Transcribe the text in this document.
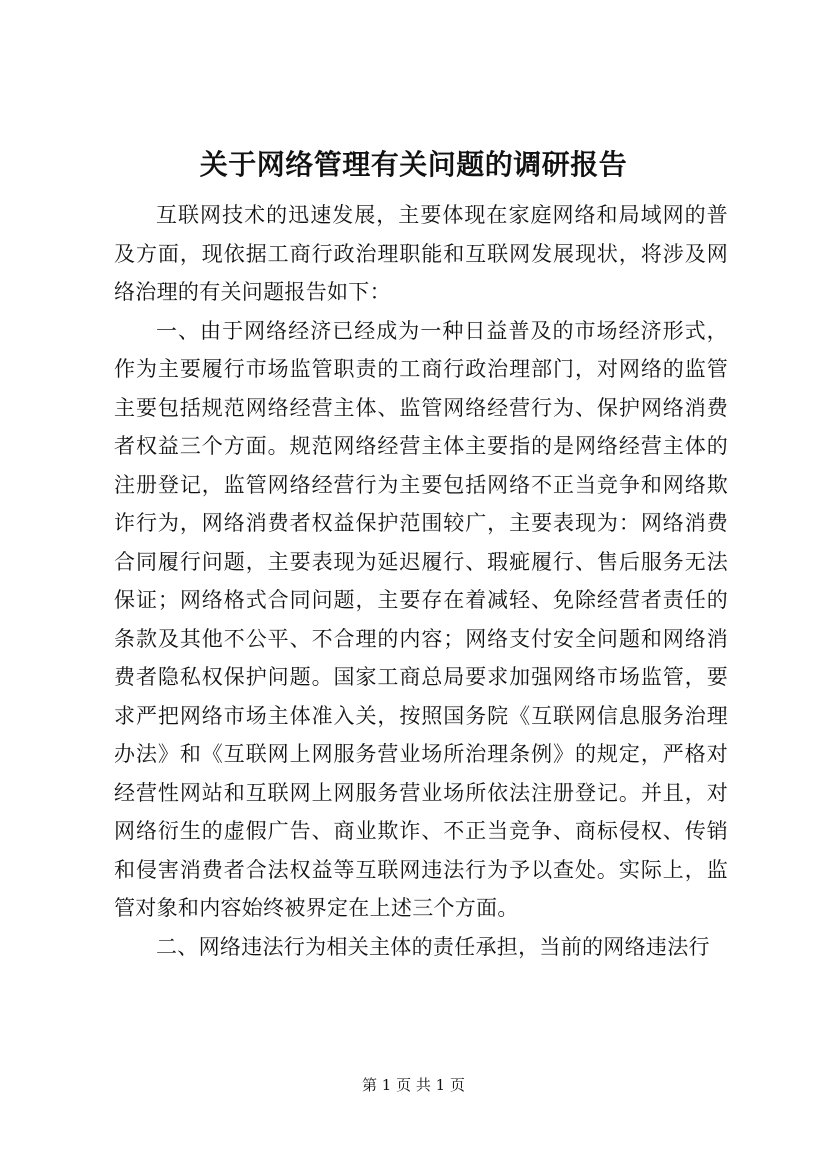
关于网络管理有关问题的调研报告

互联网技术的迅速发展，主要体现在家庭网络和局域网的普及方面，现依据工商行政治理职能和互联网发展现状，将涉及网络治理的有关问题报告如下：

一、由于网络经济已经成为一种日益普及的市场经济形式，作为主要履行市场监管职责的工商行政治理部门，对网络的监管主要包括规范网络经营主体、监管网络经营行为、保护网络消费者权益三个方面。规范网络经营主体主要指的是网络经营主体的注册登记，监管网络经营行为主要包括网络不正当竞争和网络欺诈行为，网络消费者权益保护范围较广，主要表现为：网络消费合同履行问题，主要表现为延迟履行、瑕疵履行、售后服务无法保证；网络格式合同问题，主要存在着减轻、免除经营者责任的条款及其他不公平、不合理的内容；网络支付安全问题和网络消费者隐私权保护问题。国家工商总局要求加强网络市场监管，要求严把网络市场主体准入关，按照国务院《互联网信息服务治理办法》和《互联网上网服务营业场所治理条例》的规定，严格对经营性网站和互联网上网服务营业场所依法注册登记。并且，对网络衍生的虚假广告、商业欺诈、不正当竞争、商标侵权、传销和侵害消费者合法权益等互联网违法行为予以查处。实际上，监管对象和内容始终被界定在上述三个方面。

二、网络违法行为相关主体的责任承担，当前的网络违法行

第 1 页 共 1 页
